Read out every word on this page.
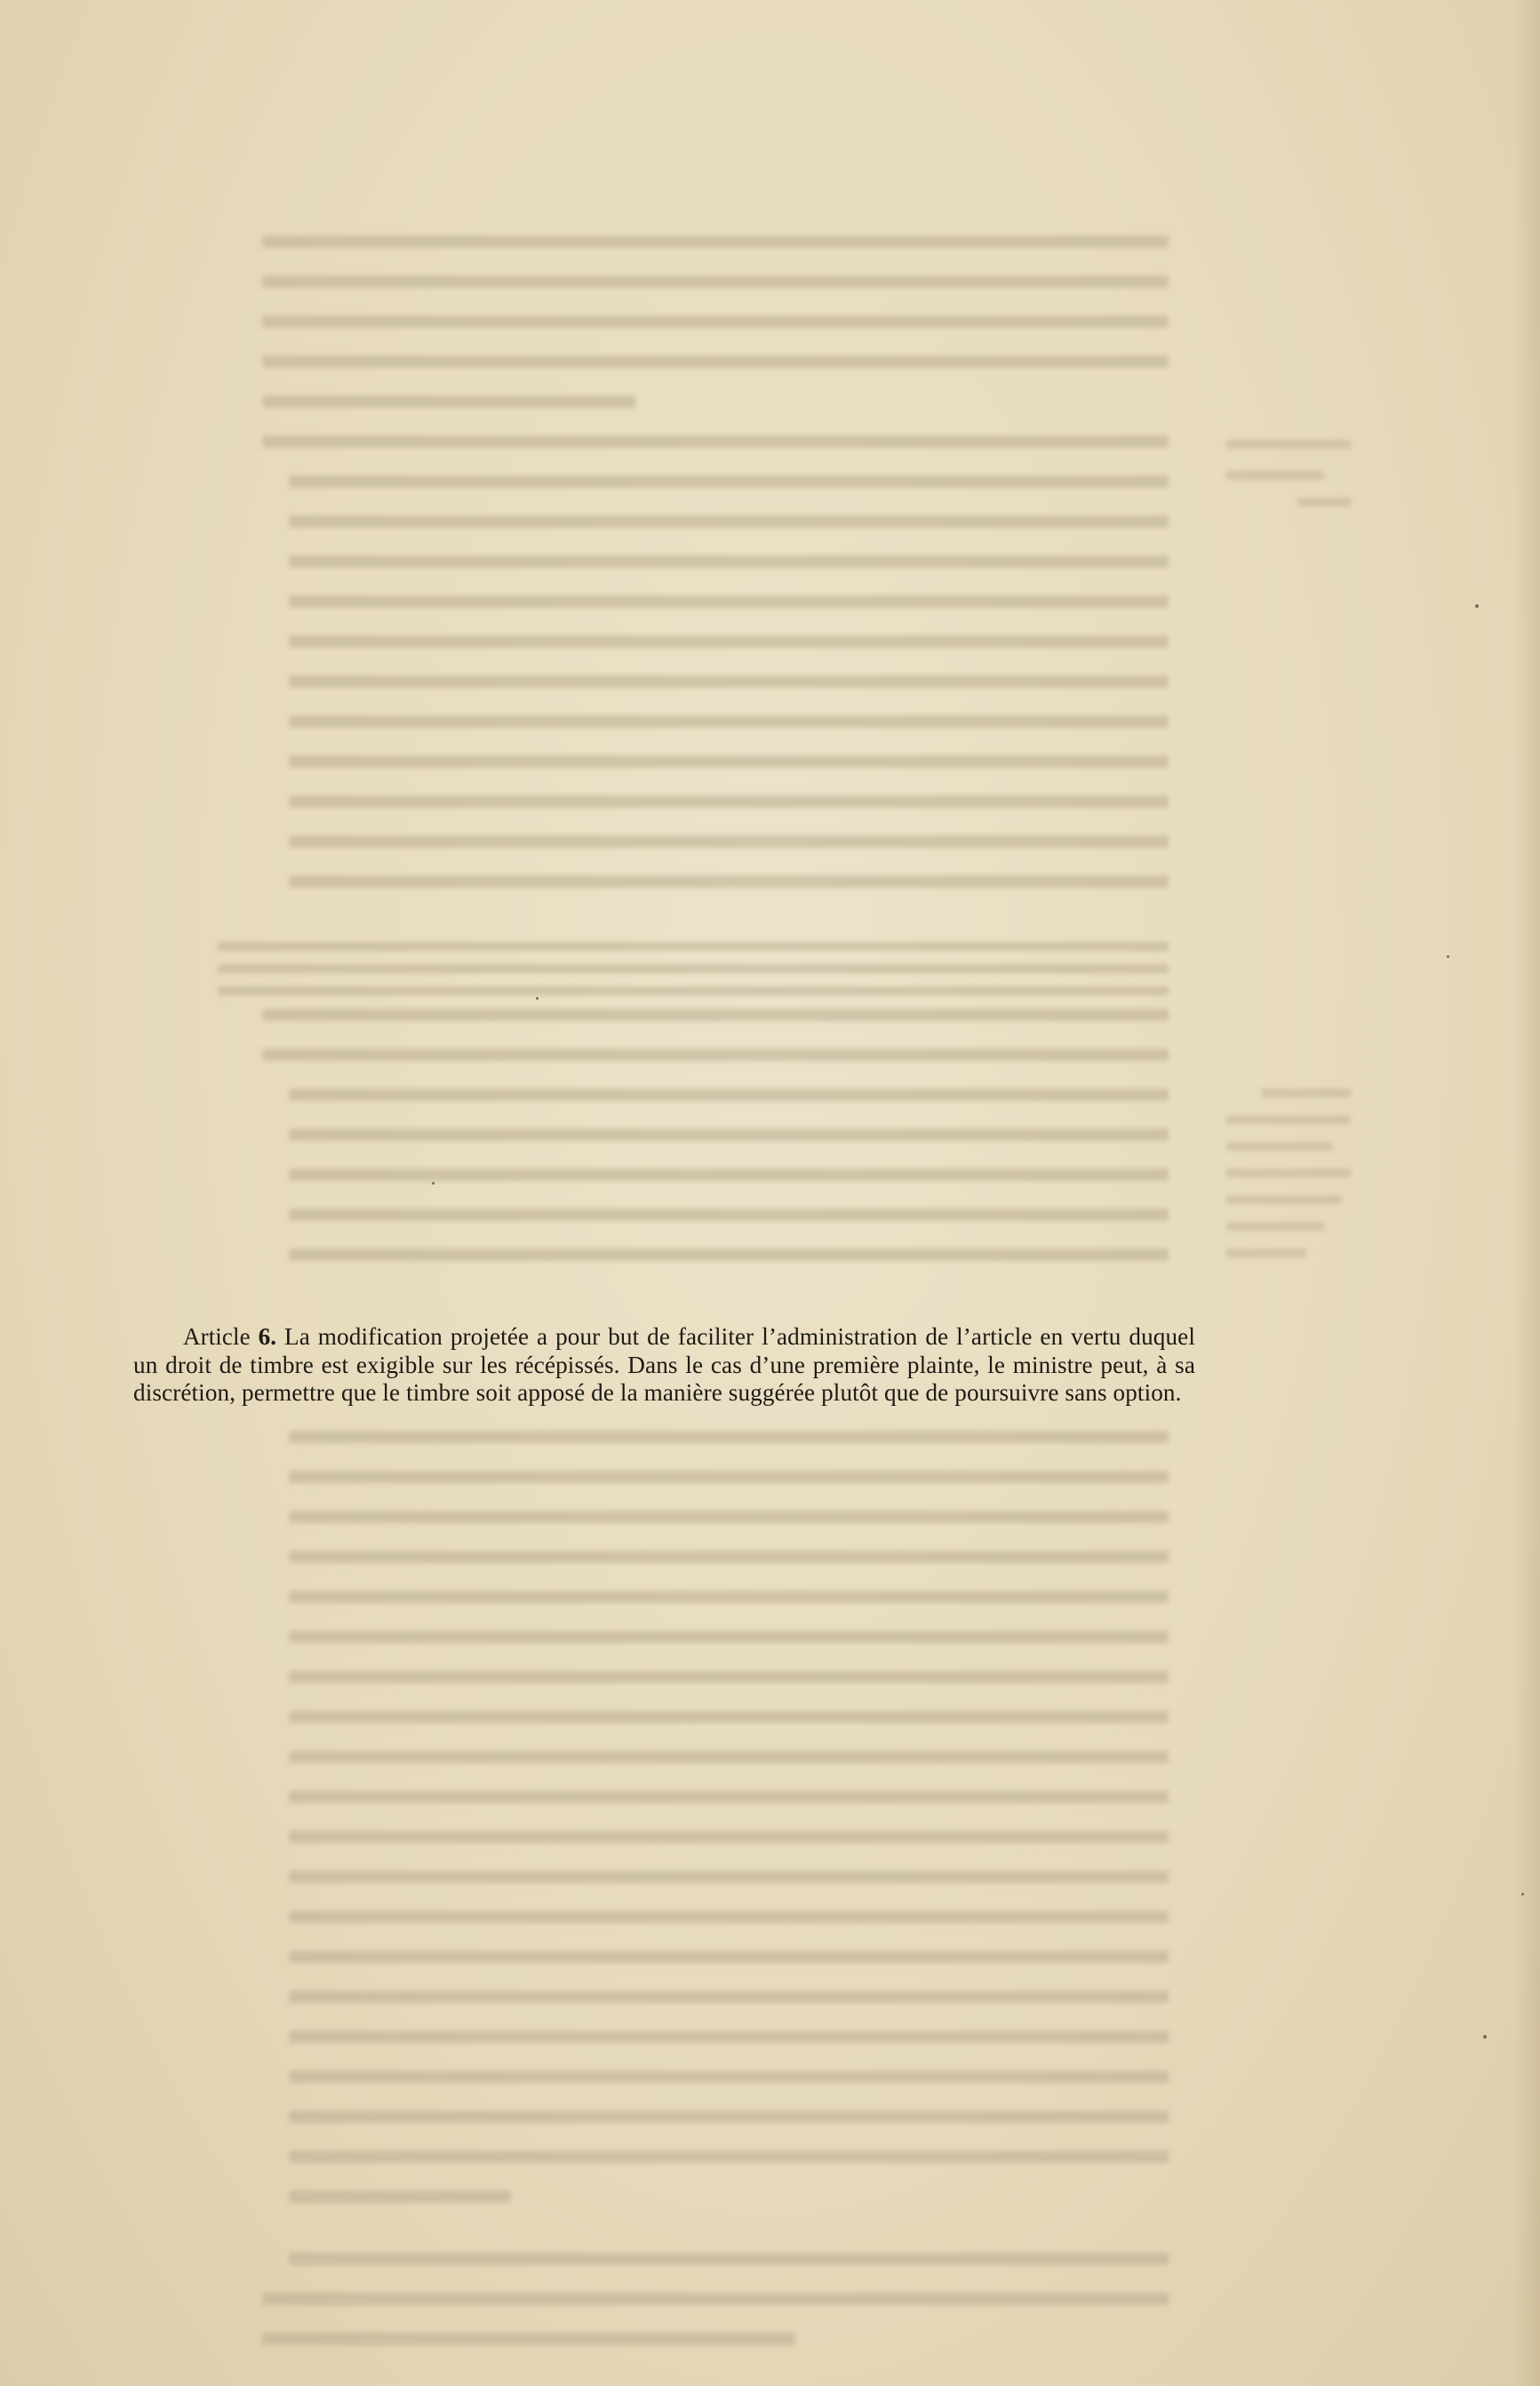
Article 6. La modification projetée a pour but de faciliter l’administration de l’article en vertu duquel un droit de timbre est exigible sur les récépissés. Dans le cas d’une première plainte, le ministre peut, à sa discrétion, permettre que le timbre soit apposé de la manière suggérée plutôt que de poursuivre sans option.
